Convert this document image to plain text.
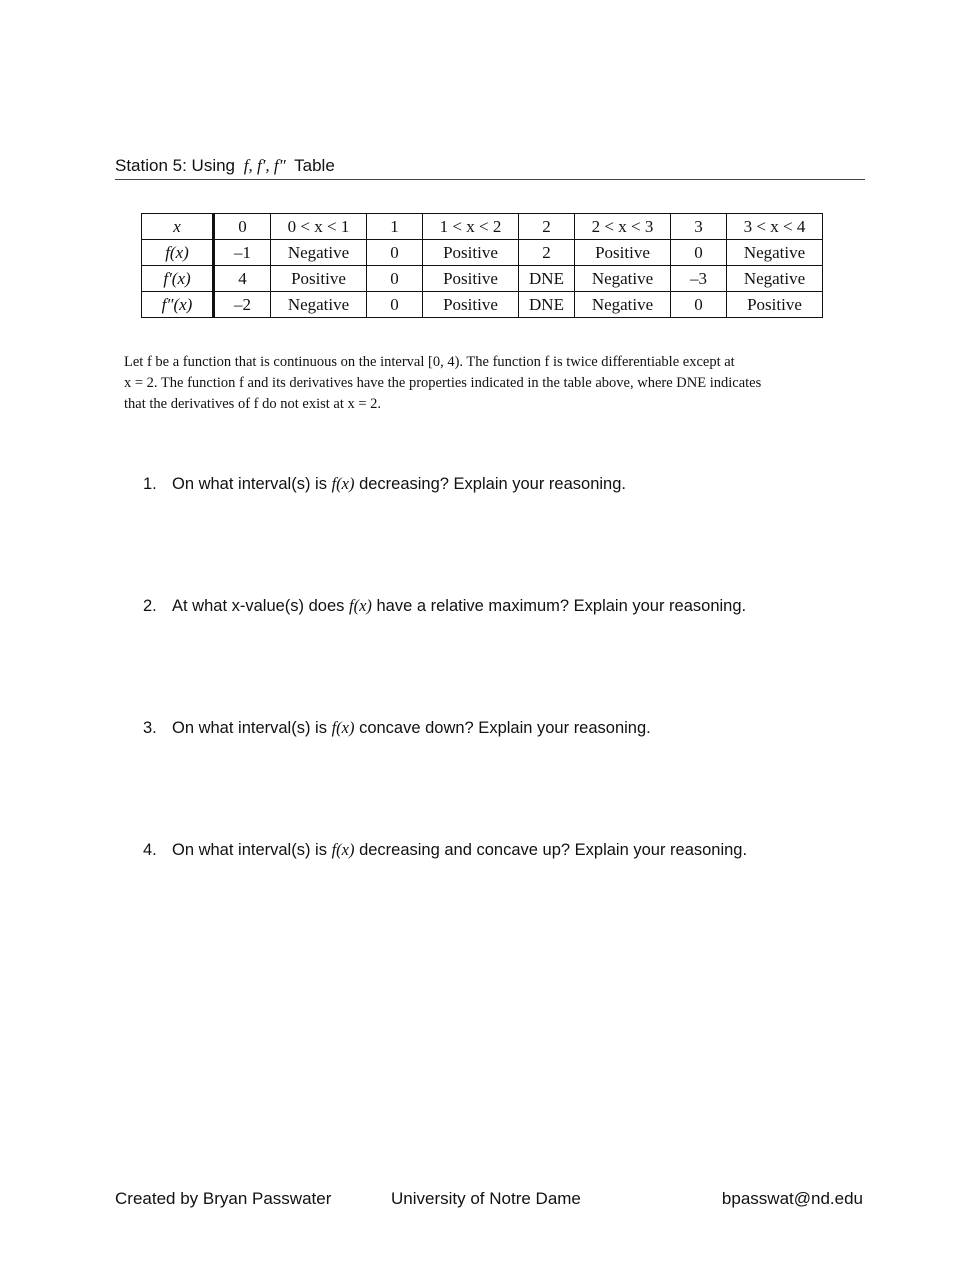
Station 5: Using f, f′, f″ Table
x	0	0 < x < 1	1	1 < x < 2	2	2 < x < 3	3	3 < x < 4
f(x)	–1	Negative	0	Positive	2	Positive	0	Negative
f′(x)	4	Positive	0	Positive	DNE	Negative	–3	Negative
f″(x)	–2	Negative	0	Positive	DNE	Negative	0	Positive
Let f be a function that is continuous on the interval [0, 4). The function f is twice differentiable except at
x = 2. The function f and its derivatives have the properties indicated in the table above, where DNE indicates
that the derivatives of f do not exist at x = 2.
1. On what interval(s) is f(x) decreasing? Explain your reasoning.
2. At what x-value(s) does f(x) have a relative maximum? Explain your reasoning.
3. On what interval(s) is f(x) concave down? Explain your reasoning.
4. On what interval(s) is f(x) decreasing and concave up? Explain your reasoning.
Created by Bryan Passwater	University of Notre Dame	bpasswat@nd.edu
